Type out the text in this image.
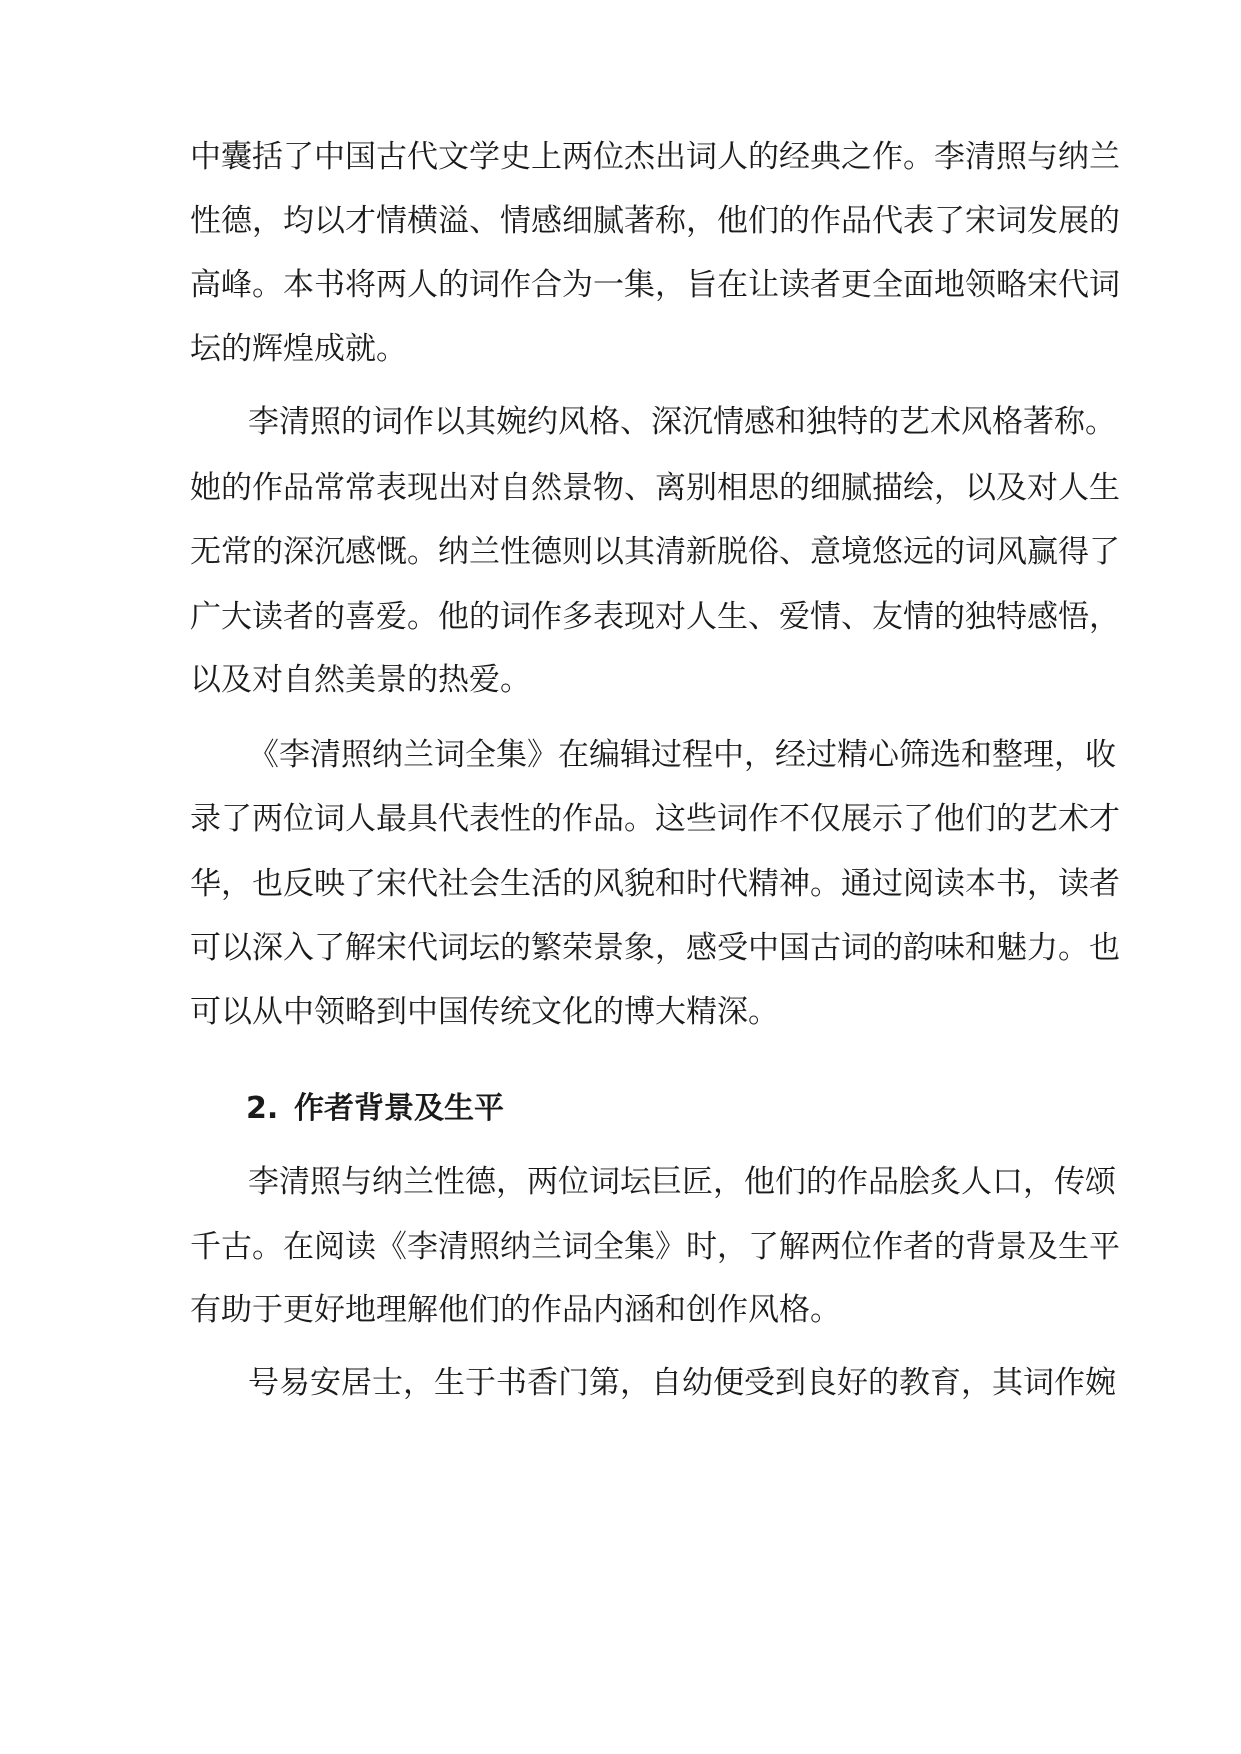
中囊括了中国古代文学史上两位杰出词人的经典之作。李清照与纳兰
性德，均以才情横溢、情感细腻著称，他们的作品代表了宋词发展的
高峰。本书将两人的词作合为一集，旨在让读者更全面地领略宋代词
坛的辉煌成就。
李清照的词作以其婉约风格、深沉情感和独特的艺术风格著称。
她的作品常常表现出对自然景物、离别相思的细腻描绘，以及对人生
无常的深沉感慨。纳兰性德则以其清新脱俗、意境悠远的词风赢得了
广大读者的喜爱。他的词作多表现对人生、爱情、友情的独特感悟，
以及对自然美景的热爱。
《李清照纳兰词全集》在编辑过程中，经过精心筛选和整理，收
录了两位词人最具代表性的作品。这些词作不仅展示了他们的艺术才
华，也反映了宋代社会生活的风貌和时代精神。通过阅读本书，读者
可以深入了解宋代词坛的繁荣景象，感受中国古词的韵味和魅力。也
可以从中领略到中国传统文化的博大精深。
2. 作者背景及生平
李清照与纳兰性德，两位词坛巨匠，他们的作品脍炙人口，传颂
千古。在阅读《李清照纳兰词全集》时，了解两位作者的背景及生平
有助于更好地理解他们的作品内涵和创作风格。
号易安居士，生于书香门第，自幼便受到良好的教育，其词作婉
